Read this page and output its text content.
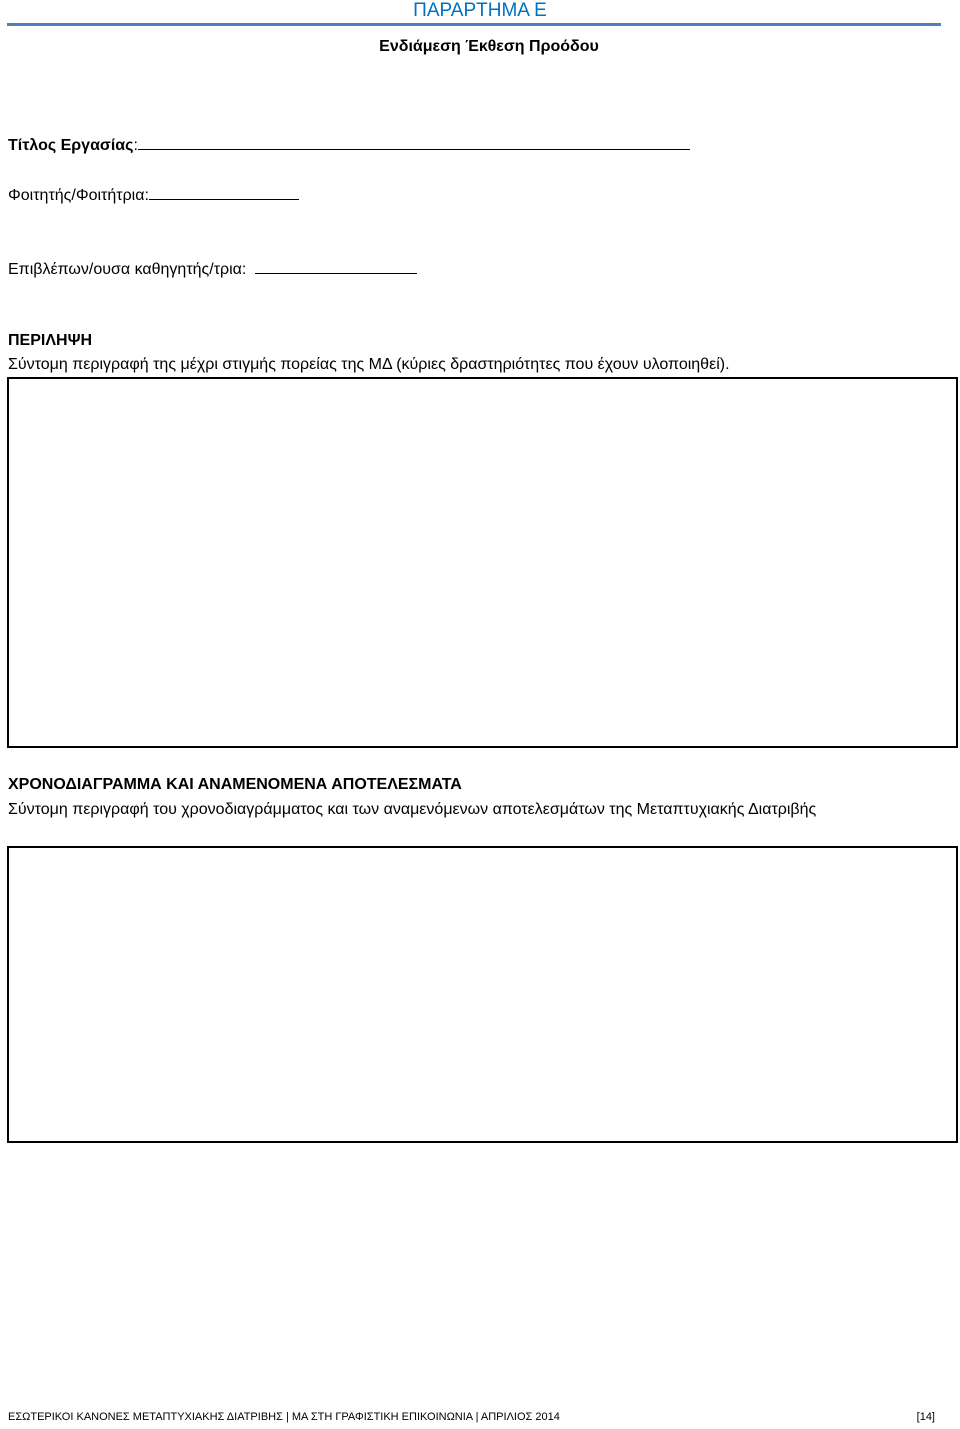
ΠΑΡΑΡΤΗΜΑ Ε
Ενδιάμεση Έκθεση Προόδου
Τίτλος Εργασίας:
Φοιτητής/Φοιτήτρια:
Επιβλέπων/ουσα καθηγητής/τρια:
ΠΕΡΙΛΗΨΗ
Σύντομη περιγραφή της μέχρι στιγμής πορείας της ΜΔ (κύριες δραστηριότητες που έχουν υλοποιηθεί).
ΧΡΟΝΟΔΙΑΓΡΑΜΜΑ ΚΑΙ ΑΝΑΜΕΝΟΜΕΝΑ ΑΠΟΤΕΛΕΣΜΑΤΑ
Σύντομη περιγραφή του χρονοδιαγράμματος και των αναμενόμενων αποτελεσμάτων της Μεταπτυχιακής Διατριβής
ΕΣΩΤΕΡΙΚΟΙ ΚΑΝΟΝΕΣ ΜΕΤΑΠΤΥΧΙΑΚΗΣ ΔΙΑΤΡΙΒΗΣ | ΜΑ ΣΤΗ ΓΡΑΦΙΣΤΙΚΗ ΕΠΙΚΟΙΝΩΝΙΑ | ΑΠΡΙΛΙΟΣ 2014	[14]
